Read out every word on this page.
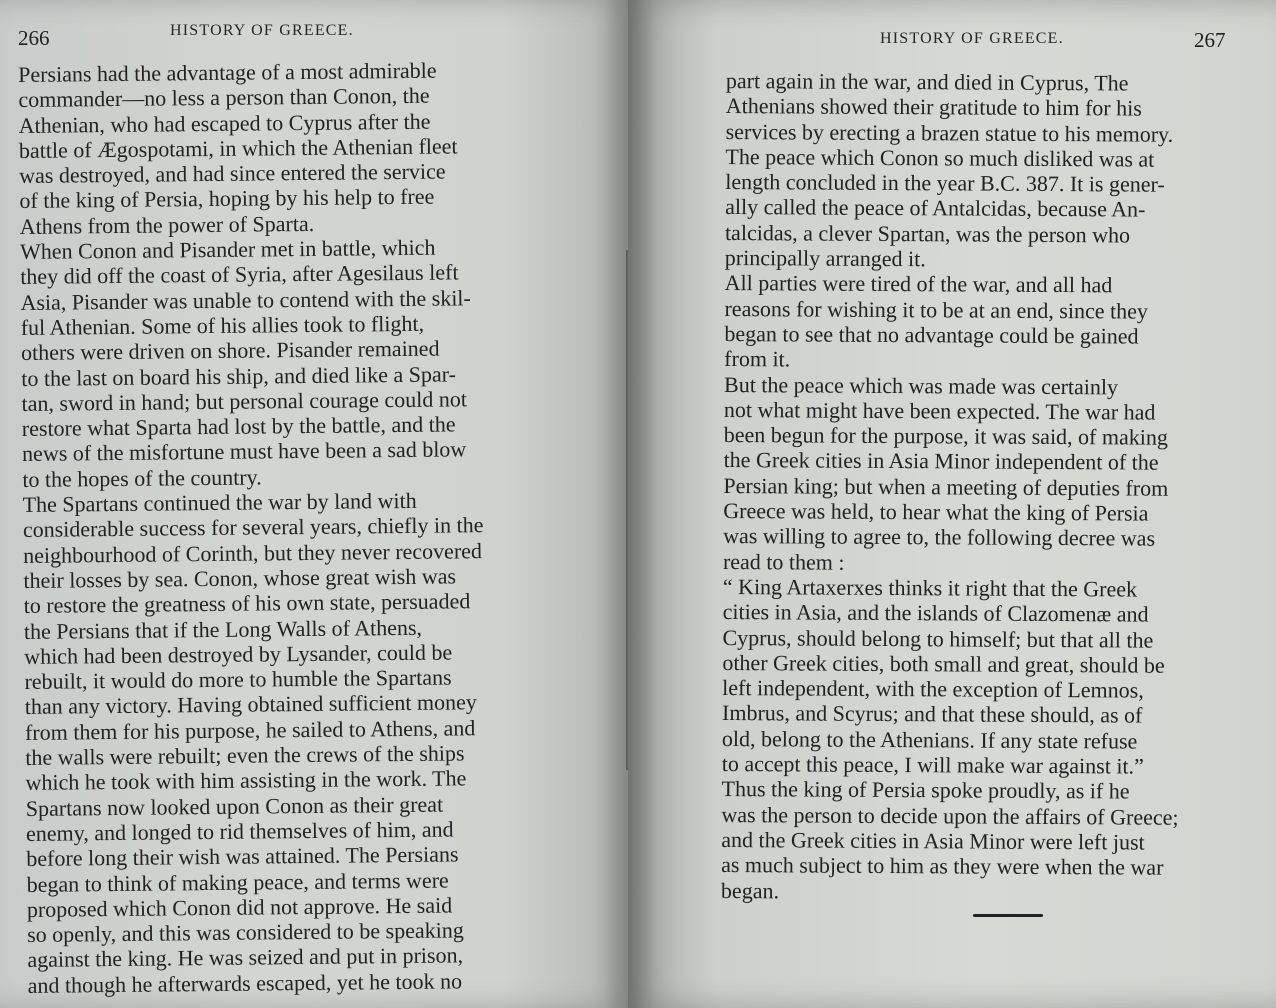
266	HISTORY OF GREECE.
Persians had the advantage of a most admirable
commander—no less a person than Conon, the
Athenian, who had escaped to Cyprus after the
battle of Ægospotami, in which the Athenian fleet
was destroyed, and had since entered the service
of the king of Persia, hoping by his help to free
Athens from the power of Sparta.
When Conon and Pisander met in battle, which
they did off the coast of Syria, after Agesilaus left
Asia, Pisander was unable to contend with the skil-
ful Athenian. Some of his allies took to flight,
others were driven on shore. Pisander remained
to the last on board his ship, and died like a Spar-
tan, sword in hand; but personal courage could not
restore what Sparta had lost by the battle, and the
news of the misfortune must have been a sad blow
to the hopes of the country.
The Spartans continued the war by land with
considerable success for several years, chiefly in the
neighbourhood of Corinth, but they never recovered
their losses by sea. Conon, whose great wish was
to restore the greatness of his own state, persuaded
the Persians that if the Long Walls of Athens,
which had been destroyed by Lysander, could be
rebuilt, it would do more to humble the Spartans
than any victory. Having obtained sufficient money
from them for his purpose, he sailed to Athens, and
the walls were rebuilt; even the crews of the ships
which he took with him assisting in the work. The
Spartans now looked upon Conon as their great
enemy, and longed to rid themselves of him, and
before long their wish was attained. The Persians
began to think of making peace, and terms were
proposed which Conon did not approve. He said
so openly, and this was considered to be speaking
against the king. He was seized and put in prison,
and though he afterwards escaped, yet he took no
HISTORY OF GREECE.	267
part again in the war, and died in Cyprus, The
Athenians showed their gratitude to him for his
services by erecting a brazen statue to his memory.
The peace which Conon so much disliked was at
length concluded in the year B.C. 387. It is gener-
ally called the peace of Antalcidas, because An-
talcidas, a clever Spartan, was the person who
principally arranged it.
All parties were tired of the war, and all had
reasons for wishing it to be at an end, since they
began to see that no advantage could be gained
from it.
But the peace which was made was certainly
not what might have been expected. The war had
been begun for the purpose, it was said, of making
the Greek cities in Asia Minor independent of the
Persian king; but when a meeting of deputies from
Greece was held, to hear what the king of Persia
was willing to agree to, the following decree was
read to them :
“ King Artaxerxes thinks it right that the Greek
cities in Asia, and the islands of Clazomenæ and
Cyprus, should belong to himself; but that all the
other Greek cities, both small and great, should be
left independent, with the exception of Lemnos,
Imbrus, and Scyrus; and that these should, as of
old, belong to the Athenians. If any state refuse
to accept this peace, I will make war against it.”
Thus the king of Persia spoke proudly, as if he
was the person to decide upon the affairs of Greece;
and the Greek cities in Asia Minor were left just
as much subject to him as they were when the war
began.
